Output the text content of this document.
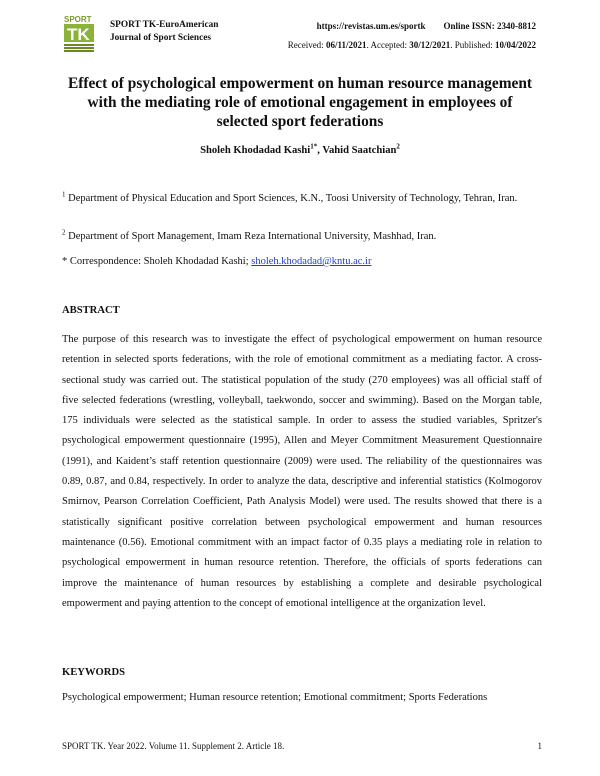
SPORT
TK SPORT TK-EuroAmerican
Journal of Sport Sciences
https://revistas.um.es/sportk Online ISSN: 2340-8812
Received: 06/11/2021. Accepted: 30/12/2021. Published: 10/04/2022
Effect of psychological empowerment on human resource management with the mediating role of emotional engagement in employees of selected sport federations
Sholeh Khodadad Kashi$^{1*}$, Vahid Saatchian$^2$
$^1$ Department of Physical Education and Sport Sciences, K.N., Toosi University of Technology, Tehran, Iran.
$^2$ Department of Sport Management, Imam Reza International University, Mashhad, Iran.
* Correspondence: Sholeh Khodadad Kashi; sholeh.khodadad@kntu.ac.ir
ABSTRACT
The purpose of this research was to investigate the effect of psychological empowerment on human resource retention in selected sports federations, with the role of emotional commitment as a mediating factor. A cross-sectional study was carried out. The statistical population of the study (270 employees) was all official staff of five selected federations (wrestling, volleyball, taekwondo, soccer and swimming). Based on the Morgan table, 175 individuals were selected as the statistical sample. In order to assess the studied variables, Spritzer's psychological empowerment questionnaire (1995), Allen and Meyer Commitment Measurement Questionnaire (1991), and Kaident’s staff retention questionnaire (2009) were used. The reliability of the questionnaires was 0.89, 0.87, and 0.84, respectively. In order to analyze the data, descriptive and inferential statistics (Kolmogorov Smirnov, Pearson Correlation Coefficient, Path Analysis Model) were used. The results showed that there is a statistically significant positive correlation between psychological empowerment and human resources maintenance (0.56). Emotional commitment with an impact factor of 0.35 plays a mediating role in relation to psychological empowerment in human resource retention. Therefore, the officials of sports federations can improve the maintenance of human resources by establishing a complete and desirable psychological empowerment and paying attention to the concept of emotional intelligence at the organization level.
KEYWORDS
Psychological empowerment; Human resource retention; Emotional commitment; Sports Federations
SPORT TK. Year 2022. Volume 11. Supplement 2. Article 18.	1
